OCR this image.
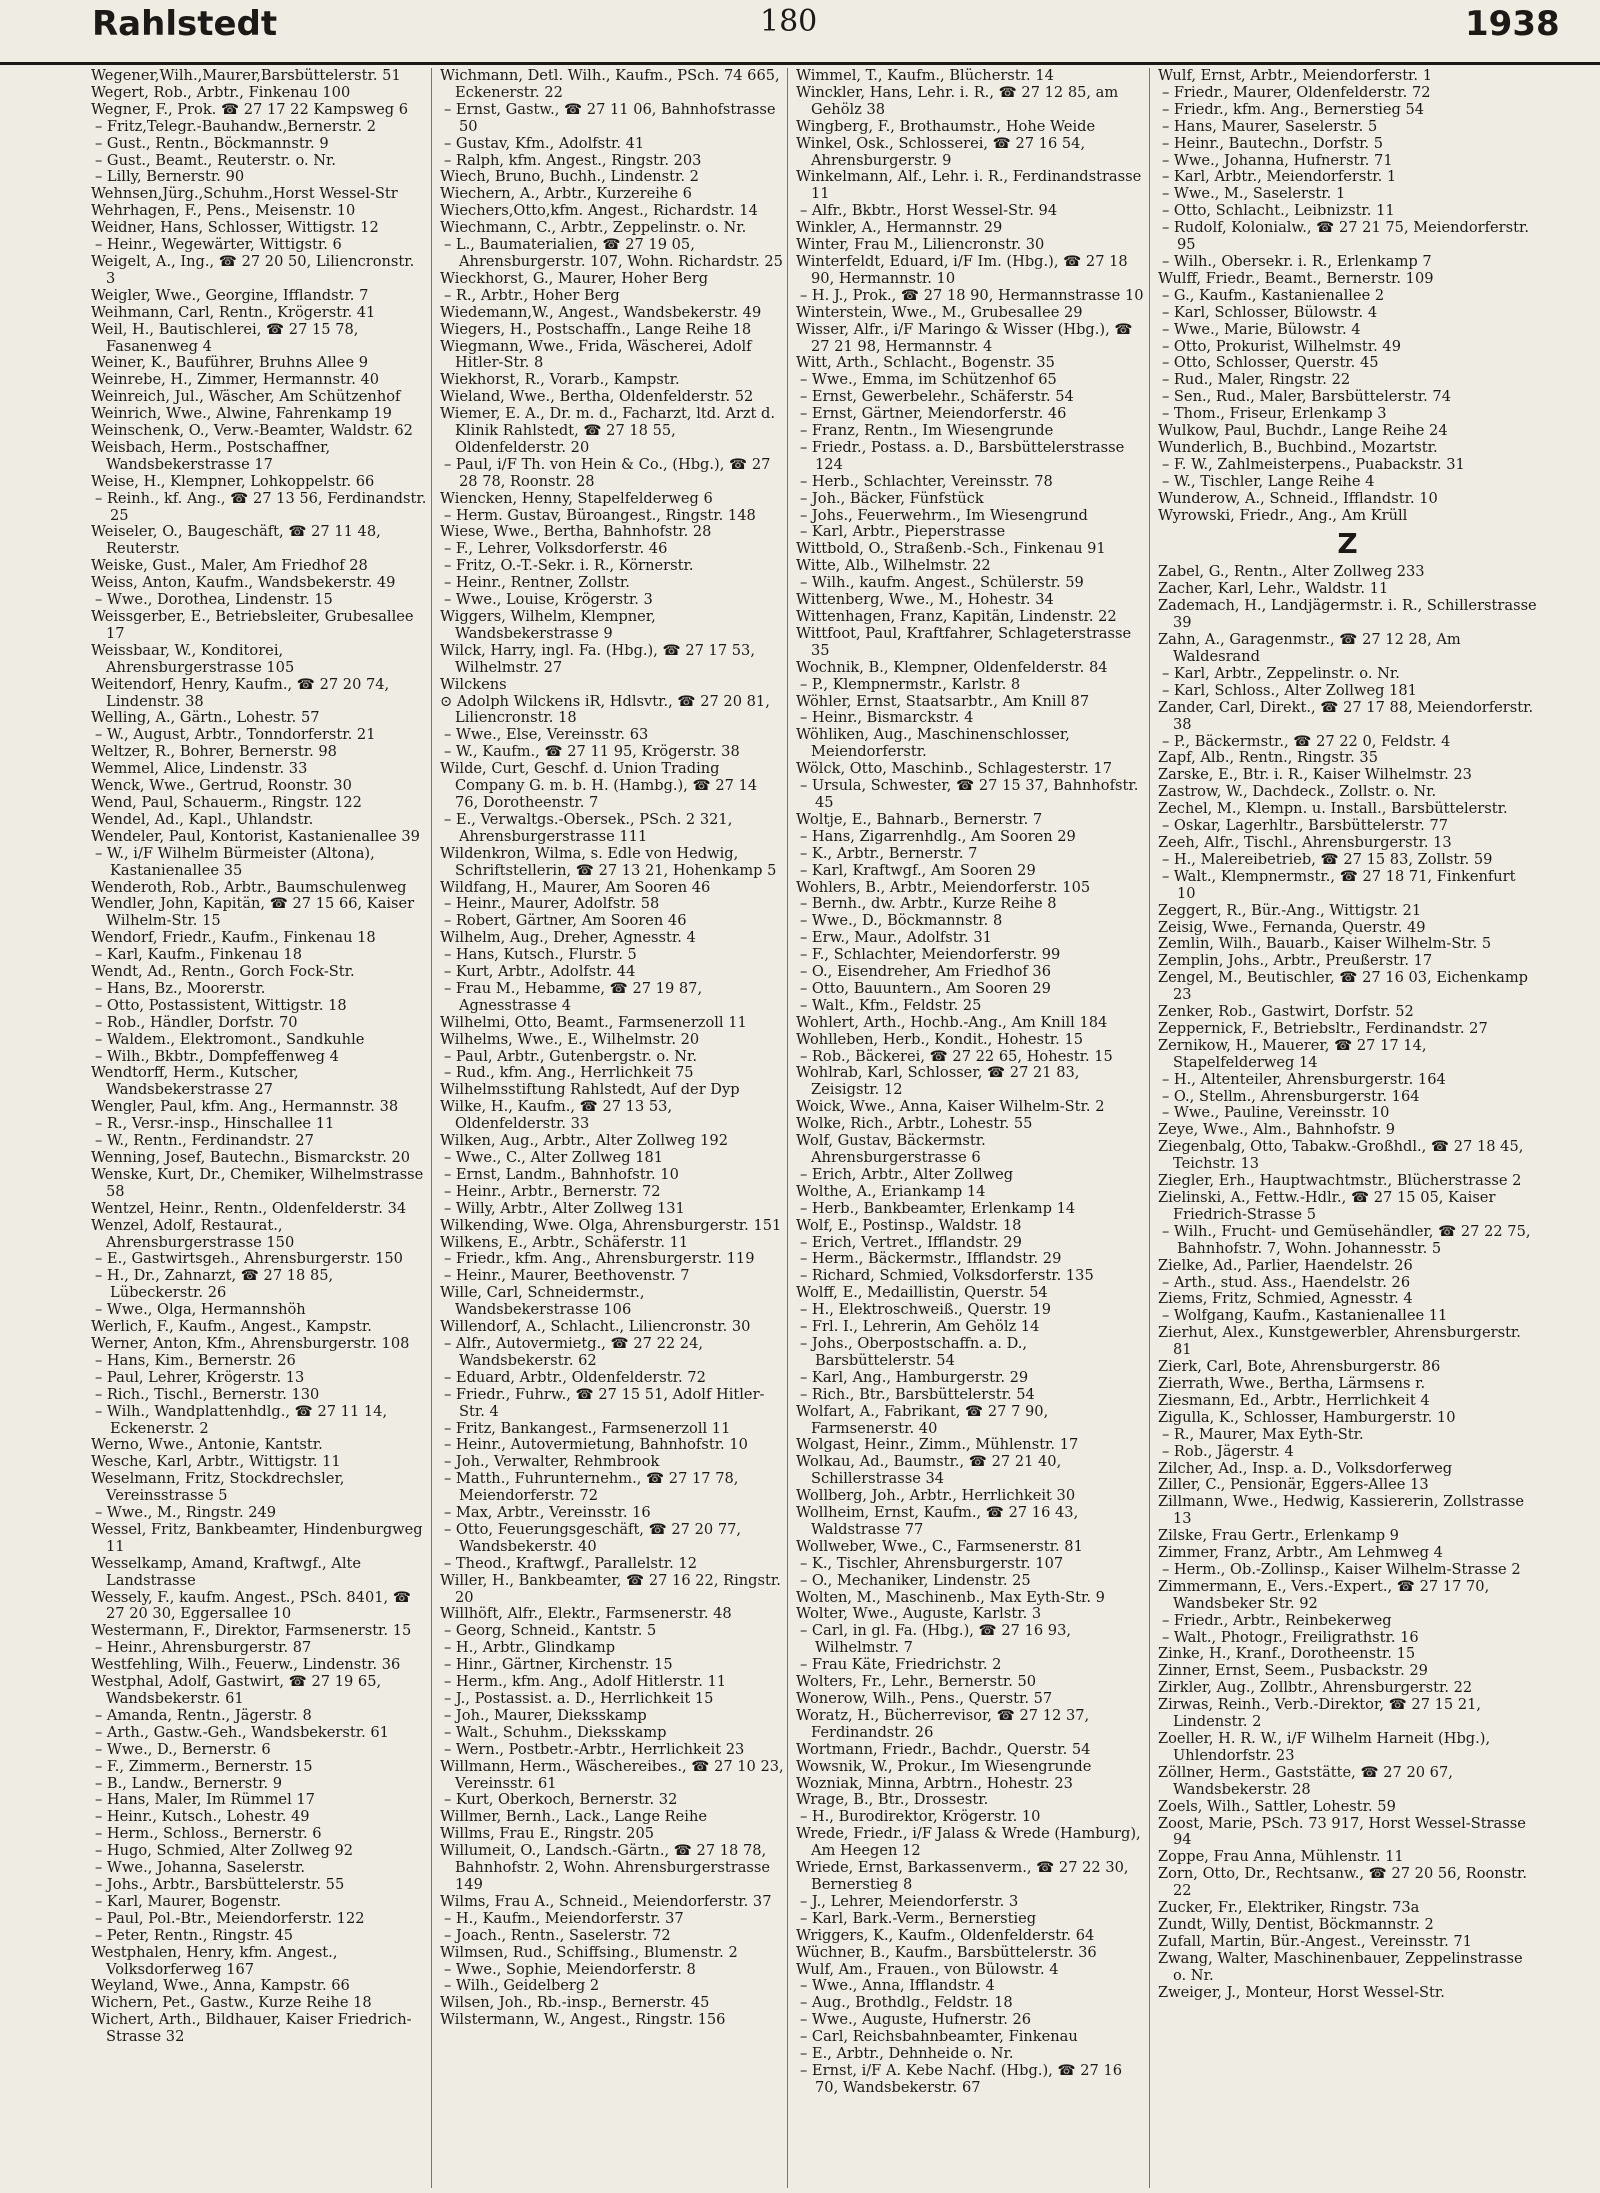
Rahlstedt	180	1938
Wegener,Wilh.,Maurer,Barsbüttelerstr. 51
Wegert, Rob., Arbtr., Finkenau 100
Wegner, F., Prok. ☎ 27 17 22 Kampsweg 6
– Fritz,Telegr.-Bauhandw.,Bernerstr. 2
– Gust., Rentn., Böckmannstr. 9
– Gust., Beamt., Reuterstr. o. Nr.
– Lilly, Bernerstr. 90
Wehnsen,Jürg.,Schuhm.,Horst Wessel-Str
Wehrhagen, F., Pens., Meisenstr. 10
Weidner, Hans, Schlosser, Wittigstr. 12
– Heinr., Wegewärter, Wittigstr. 6
Weigelt, A., Ing., ☎ 27 20 50, Liliencronstr. 3
Weigler, Wwe., Georgine, Ifflandstr. 7
Weihmann, Carl, Rentn., Krögerstr. 41
Weil, H., Bautischlerei, ☎ 27 15 78, Fasanenweg 4
Weiner, K., Bauführer, Bruhns Allee 9
Weinrebe, H., Zimmer, Hermannstr. 40
Weinreich, Jul., Wäscher, Am Schützenhof
Weinrich, Wwe., Alwine, Fahrenkamp 19
Weinschenk, O., Verw.-Beamter, Waldstr. 62
Weisbach, Herm., Postschaffner, Wandsbekerstrasse 17
Weise, H., Klempner, Lohkoppelstr. 66
– Reinh., kf. Ang., ☎ 27 13 56, Ferdinandstr. 25
Weiseler, O., Baugeschäft, ☎ 27 11 48, Reuterstr.
Weiske, Gust., Maler, Am Friedhof 28
Weiss, Anton, Kaufm., Wandsbekerstr. 49
– Wwe., Dorothea, Lindenstr. 15
Weissgerber, E., Betriebsleiter, Grubesallee 17
Weissbaar, W., Konditorei, Ahrensburgerstrasse 105
Weitendorf, Henry, Kaufm., ☎ 27 20 74, Lindenstr. 38
Welling, A., Gärtn., Lohestr. 57
– W., August, Arbtr., Tonndorferstr. 21
Weltzer, R., Bohrer, Bernerstr. 98
Wemmel, Alice, Lindenstr. 33
Wenck, Wwe., Gertrud, Roonstr. 30
Wend, Paul, Schauerm., Ringstr. 122
Wendel, Ad., Kapl., Uhlandstr.
Wendeler, Paul, Kontorist, Kastanienallee 39
– W., i/F Wilhelm Bürmeister (Altona), Kastanienallee 35
Wenderoth, Rob., Arbtr., Baumschulenweg
Wendler, John, Kapitän, ☎ 27 15 66, Kaiser Wilhelm-Str. 15
Wendorf, Friedr., Kaufm., Finkenau 18
– Karl, Kaufm., Finkenau 18
Wendt, Ad., Rentn., Gorch Fock-Str.
– Hans, Bz., Moorerstr.
– Otto, Postassistent, Wittigstr. 18
– Rob., Händler, Dorfstr. 70
– Waldem., Elektromont., Sandkuhle
– Wilh., Bkbtr., Dompfeffenweg 4
Wendtorff, Herm., Kutscher, Wandsbekerstrasse 27
Wengler, Paul, kfm. Ang., Hermannstr. 38
– R., Versr.-insp., Hinschallee 11
– W., Rentn., Ferdinandstr. 27
Wenning, Josef, Bautechn., Bismarckstr. 20
Wenske, Kurt, Dr., Chemiker, Wilhelmstrasse 58
Wentzel, Heinr., Rentn., Oldenfelderstr. 34
Wenzel, Adolf, Restaurat., Ahrensburgerstrasse 150
– E., Gastwirtsgeh., Ahrensburgerstr. 150
– H., Dr., Zahnarzt, ☎ 27 18 85, Lübeckerstr. 26
– Wwe., Olga, Hermannshöh
Werlich, F., Kaufm., Angest., Kampstr.
Werner, Anton, Kfm., Ahrensburgerstr. 108
– Hans, Kim., Bernerstr. 26
– Paul, Lehrer, Krögerstr. 13
– Rich., Tischl., Bernerstr. 130
– Wilh., Wandplattenhdlg., ☎ 27 11 14, Eckenerstr. 2
Werno, Wwe., Antonie, Kantstr.
Wesche, Karl, Arbtr., Wittigstr. 11
Weselmann, Fritz, Stockdrechsler, Vereinsstrasse 5
– Wwe., M., Ringstr. 249
Wessel, Fritz, Bankbeamter, Hindenburgweg 11
Wesselkamp, Amand, Kraftwgf., Alte Landstrasse
Wessely, F., kaufm. Angest., PSch. 8401, ☎ 27 20 30, Eggersallee 10
Westermann, F., Direktor, Farmsenerstr. 15
– Heinr., Ahrensburgerstr. 87
Westfehling, Wilh., Feuerw., Lindenstr. 36
Westphal, Adolf, Gastwirt, ☎ 27 19 65, Wandsbekerstr. 61
– Amanda, Rentn., Jägerstr. 8
– Arth., Gastw.-Geh., Wandsbekerstr. 61
– Wwe., D., Bernerstr. 6
– F., Zimmerm., Bernerstr. 15
– B., Landw., Bernerstr. 9
– Hans, Maler, Im Rümmel 17
– Heinr., Kutsch., Lohestr. 49
– Herm., Schloss., Bernerstr. 6
– Hugo, Schmied, Alter Zollweg 92
– Wwe., Johanna, Saselerstr.
– Johs., Arbtr., Barsbüttelerstr. 55
– Karl, Maurer, Bogenstr.
– Paul, Pol.-Btr., Meiendorferstr. 122
– Peter, Rentn., Ringstr. 45
Westphalen, Henry, kfm. Angest., Volksdorferweg 167
Weyland, Wwe., Anna, Kampstr. 66
Wichern, Pet., Gastw., Kurze Reihe 18
Wichert, Arth., Bildhauer, Kaiser Friedrich-Strasse 32
Wichmann, Detl. Wilh., Kaufm., PSch. 74 665, Eckenerstr. 22
– Ernst, Gastw., ☎ 27 11 06, Bahnhofstrasse 50
– Gustav, Kfm., Adolfstr. 41
– Ralph, kfm. Angest., Ringstr. 203
Wiech, Bruno, Buchh., Lindenstr. 2
Wiechern, A., Arbtr., Kurzereihe 6
Wiechers,Otto,kfm. Angest., Richardstr. 14
Wiechmann, C., Arbtr., Zeppelinstr. o. Nr.
– L., Baumaterialien, ☎ 27 19 05, Ahrensburgerstr. 107, Wohn. Richardstr. 25
Wieckhorst, G., Maurer, Hoher Berg
– R., Arbtr., Hoher Berg
Wiedemann,W., Angest., Wandsbekerstr. 49
Wiegers, H., Postschaffn., Lange Reihe 18
Wiegmann, Wwe., Frida, Wäscherei, Adolf Hitler-Str. 8
Wiekhorst, R., Vorarb., Kampstr.
Wieland, Wwe., Bertha, Oldenfelderstr. 52
Wiemer, E. A., Dr. m. d., Facharzt, ltd. Arzt d. Klinik Rahlstedt, ☎ 27 18 55, Oldenfelderstr. 20
– Paul, i/F Th. von Hein & Co., (Hbg.), ☎ 27 28 78, Roonstr. 28
Wiencken, Henny, Stapelfelderweg 6
– Herm. Gustav, Büroangest., Ringstr. 148
Wiese, Wwe., Bertha, Bahnhofstr. 28
– F., Lehrer, Volksdorferstr. 46
– Fritz, O.-T.-Sekr. i. R., Körnerstr.
– Heinr., Rentner, Zollstr.
– Wwe., Louise, Krögerstr. 3
Wiggers, Wilhelm, Klempner, Wandsbekerstrasse 9
Wilck, Harry, ingl. Fa. (Hbg.), ☎ 27 17 53, Wilhelmstr. 27
Wilckens
⊙ Adolph Wilckens iR, Hdlsvtr., ☎ 27 20 81, Liliencronstr. 18
– Wwe., Else, Vereinsstr. 63
– W., Kaufm., ☎ 27 11 95, Krögerstr. 38
Wilde, Curt, Geschf. d. Union Trading Company G. m. b. H. (Hambg.), ☎ 27 14 76, Dorotheenstr. 7
– E., Verwaltgs.-Obersek., PSch. 2 321, Ahrensburgerstrasse 111
Wildenkron, Wilma, s. Edle von Hedwig, Schriftstellerin, ☎ 27 13 21, Hohenkamp 5
Wildfang, H., Maurer, Am Sooren 46
– Heinr., Maurer, Adolfstr. 58
– Robert, Gärtner, Am Sooren 46
Wilhelm, Aug., Dreher, Agnesstr. 4
– Hans, Kutsch., Flurstr. 5
– Kurt, Arbtr., Adolfstr. 44
– Frau M., Hebamme, ☎ 27 19 87, Agnesstrasse 4
Wilhelmi, Otto, Beamt., Farmsenerzoll 11
Wilhelms, Wwe., E., Wilhelmstr. 20
– Paul, Arbtr., Gutenbergstr. o. Nr.
– Rud., kfm. Ang., Herrlichkeit 75
Wilhelmsstiftung Rahlstedt, Auf der Dyp
Wilke, H., Kaufm., ☎ 27 13 53, Oldenfelderstr. 33
Wilken, Aug., Arbtr., Alter Zollweg 192
– Wwe., C., Alter Zollweg 181
– Ernst, Landm., Bahnhofstr. 10
– Heinr., Arbtr., Bernerstr. 72
– Willy, Arbtr., Alter Zollweg 131
Wilkending, Wwe. Olga, Ahrensburgerstr. 151
Wilkens, E., Arbtr., Schäferstr. 11
– Friedr., kfm. Ang., Ahrensburgerstr. 119
– Heinr., Maurer, Beethovenstr. 7
Wille, Carl, Schneidermstr., Wandsbekerstrasse 106
Willendorf, A., Schlacht., Liliencronstr. 30
– Alfr., Autovermietg., ☎ 27 22 24, Wandsbekerstr. 62
– Eduard, Arbtr., Oldenfelderstr. 72
– Friedr., Fuhrw., ☎ 27 15 51, Adolf Hitler-Str. 4
– Fritz, Bankangest., Farmsenerzoll 11
– Heinr., Autovermietung, Bahnhofstr. 10
– Joh., Verwalter, Rehmbrook
– Matth., Fuhrunternehm., ☎ 27 17 78, Meiendorferstr. 72
– Max, Arbtr., Vereinsstr. 16
– Otto, Feuerungsgeschäft, ☎ 27 20 77, Wandsbekerstr. 40
– Theod., Kraftwgf., Parallelstr. 12
Willer, H., Bankbeamter, ☎ 27 16 22, Ringstr. 20
Willhöft, Alfr., Elektr., Farmsenerstr. 48
– Georg, Schneid., Kantstr. 5
– H., Arbtr., Glindkamp
– Hinr., Gärtner, Kirchenstr. 15
– Herm., kfm. Ang., Adolf Hitlerstr. 11
– J., Postassist. a. D., Herrlichkeit 15
– Joh., Maurer, Dieksskamp
– Walt., Schuhm., Dieksskamp
– Wern., Postbetr.-Arbtr., Herrlichkeit 23
Willmann, Herm., Wäschereibes., ☎ 27 10 23, Vereinsstr. 61
– Kurt, Oberkoch, Bernerstr. 32
Willmer, Bernh., Lack., Lange Reihe
Willms, Frau E., Ringstr. 205
Willumeit, O., Landsch.-Gärtn., ☎ 27 18 78, Bahnhofstr. 2, Wohn. Ahrensburgerstrasse 149
Wilms, Frau A., Schneid., Meiendorferstr. 37
– H., Kaufm., Meiendorferstr. 37
– Joach., Rentn., Saselerstr. 72
Wilmsen, Rud., Schiffsing., Blumenstr. 2
– Wwe., Sophie, Meiendorferstr. 8
– Wilh., Geidelberg 2
Wilsen, Joh., Rb.-insp., Bernerstr. 45
Wilstermann, W., Angest., Ringstr. 156
Wimmel, T., Kaufm., Blücherstr. 14
Winckler, Hans, Lehr. i. R., ☎ 27 12 85, am Gehölz 38
Wingberg, F., Brothaumstr., Hohe Weide
Winkel, Osk., Schlosserei, ☎ 27 16 54, Ahrensburgerstr. 9
Winkelmann, Alf., Lehr. i. R., Ferdinandstrasse 11
– Alfr., Bkbtr., Horst Wessel-Str. 94
Winkler, A., Hermannstr. 29
Winter, Frau M., Liliencronstr. 30
Winterfeldt, Eduard, i/F Im. (Hbg.), ☎ 27 18 90, Hermannstr. 10
– H. J., Prok., ☎ 27 18 90, Hermannstrasse 10
Winterstein, Wwe., M., Grubesallee 29
Wisser, Alfr., i/F Maringo & Wisser (Hbg.), ☎ 27 21 98, Hermannstr. 4
Witt, Arth., Schlacht., Bogenstr. 35
– Wwe., Emma, im Schützenhof 65
– Ernst, Gewerbelehr., Schäferstr. 54
– Ernst, Gärtner, Meiendorferstr. 46
– Franz, Rentn., Im Wiesengrunde
– Friedr., Postass. a. D., Barsbüttelerstrasse 124
– Herb., Schlachter, Vereinsstr. 78
– Joh., Bäcker, Fünfstück
– Johs., Feuerwehrm., Im Wiesengrund
– Karl, Arbtr., Pieperstrasse
Wittbold, O., Straßenb.-Sch., Finkenau 91
Witte, Alb., Wilhelmstr. 22
– Wilh., kaufm. Angest., Schülerstr. 59
Wittenberg, Wwe., M., Hohestr. 34
Wittenhagen, Franz, Kapitän, Lindenstr. 22
Wittfoot, Paul, Kraftfahrer, Schlageterstrasse 35
Wochnik, B., Klempner, Oldenfelderstr. 84
– P., Klempnermstr., Karlstr. 8
Wöhler, Ernst, Staatsarbtr., Am Knill 87
– Heinr., Bismarckstr. 4
Wöhliken, Aug., Maschinenschlosser, Meiendorferstr.
Wölck, Otto, Maschinb., Schlagesterstr. 17
– Ursula, Schwester, ☎ 27 15 37, Bahnhofstr. 45
Woltje, E., Bahnarb., Bernerstr. 7
– Hans, Zigarrenhdlg., Am Sooren 29
– K., Arbtr., Bernerstr. 7
– Karl, Kraftwgf., Am Sooren 29
Wohlers, B., Arbtr., Meiendorferstr. 105
– Bernh., dw. Arbtr., Kurze Reihe 8
– Wwe., D., Böckmannstr. 8
– Erw., Maur., Adolfstr. 31
– F., Schlachter, Meiendorferstr. 99
– O., Eisendreher, Am Friedhof 36
– Otto, Bauuntern., Am Sooren 29
– Walt., Kfm., Feldstr. 25
Wohlert, Arth., Hochb.-Ang., Am Knill 184
Wohlleben, Herb., Kondit., Hohestr. 15
– Rob., Bäckerei, ☎ 27 22 65, Hohestr. 15
Wohlrab, Karl, Schlosser, ☎ 27 21 83, Zeisigstr. 12
Woick, Wwe., Anna, Kaiser Wilhelm-Str. 2
Wolke, Rich., Arbtr., Lohestr. 55
Wolf, Gustav, Bäckermstr. Ahrensburgerstrasse 6
– Erich, Arbtr., Alter Zollweg
Wolthe, A., Eriankamp 14
– Herb., Bankbeamter, Erlenkamp 14
Wolf, E., Postinsp., Waldstr. 18
– Erich, Vertret., Ifflandstr. 29
– Herm., Bäckermstr., Ifflandstr. 29
– Richard, Schmied, Volksdorferstr. 135
Wolff, E., Medaillistin, Querstr. 54
– H., Elektroschweiß., Querstr. 19
– Frl. I., Lehrerin, Am Gehölz 14
– Johs., Oberpostschaffn. a. D., Barsbüttelerstr. 54
– Karl, Ang., Hamburgerstr. 29
– Rich., Btr., Barsbüttelerstr. 54
Wolfart, A., Fabrikant, ☎ 27 7 90, Farmsenerstr. 40
Wolgast, Heinr., Zimm., Mühlenstr. 17
Wolkau, Ad., Baumstr., ☎ 27 21 40, Schillerstrasse 34
Wollberg, Joh., Arbtr., Herrlichkeit 30
Wollheim, Ernst, Kaufm., ☎ 27 16 43, Waldstrasse 77
Wollweber, Wwe., C., Farmsenerstr. 81
– K., Tischler, Ahrensburgerstr. 107
– O., Mechaniker, Lindenstr. 25
Wolten, M., Maschinenb., Max Eyth-Str. 9
Wolter, Wwe., Auguste, Karlstr. 3
– Carl, in gl. Fa. (Hbg.), ☎ 27 16 93, Wilhelmstr. 7
– Frau Käte, Friedrichstr. 2
Wolters, Fr., Lehr., Bernerstr. 50
Wonerow, Wilh., Pens., Querstr. 57
Woratz, H., Bücherrevisor, ☎ 27 12 37, Ferdinandstr. 26
Wortmann, Friedr., Bachdr., Querstr. 54
Wowsnik, W., Prokur., Im Wiesengrunde
Wozniak, Minna, Arbtrn., Hohestr. 23
Wrage, B., Btr., Drossestr.
– H., Burodirektor, Krögerstr. 10
Wrede, Friedr., i/F Jalass & Wrede (Hamburg), Am Heegen 12
Wriede, Ernst, Barkassenverm., ☎ 27 22 30, Bernerstieg 8
– J., Lehrer, Meiendorferstr. 3
– Karl, Bark.-Verm., Bernerstieg
Wriggers, K., Kaufm., Oldenfelderstr. 64
Wüchner, B., Kaufm., Barsbüttelerstr. 36
Wulf, Am., Frauen., von Bülowstr. 4
– Wwe., Anna, Ifflandstr. 4
– Aug., Brothdlg., Feldstr. 18
– Wwe., Auguste, Hufnerstr. 26
– Carl, Reichsbahnbeamter, Finkenau
– E., Arbtr., Dehnheide o. Nr.
– Ernst, i/F A. Kebe Nachf. (Hbg.), ☎ 27 16 70, Wandsbekerstr. 67
Wulf, Ernst, Arbtr., Meiendorferstr. 1
– Friedr., Maurer, Oldenfelderstr. 72
– Friedr., kfm. Ang., Bernerstieg 54
– Hans, Maurer, Saselerstr. 5
– Heinr., Bautechn., Dorfstr. 5
– Wwe., Johanna, Hufnerstr. 71
– Karl, Arbtr., Meiendorferstr. 1
– Wwe., M., Saselerstr. 1
– Otto, Schlacht., Leibnizstr. 11
– Rudolf, Kolonialw., ☎ 27 21 75, Meiendorferstr. 95
– Wilh., Obersekr. i. R., Erlenkamp 7
Wulff, Friedr., Beamt., Bernerstr. 109
– G., Kaufm., Kastanienallee 2
– Karl, Schlosser, Bülowstr. 4
– Wwe., Marie, Bülowstr. 4
– Otto, Prokurist, Wilhelmstr. 49
– Otto, Schlosser, Querstr. 45
– Rud., Maler, Ringstr. 22
– Sen., Rud., Maler, Barsbüttelerstr. 74
– Thom., Friseur, Erlenkamp 3
Wulkow, Paul, Buchdr., Lange Reihe 24
Wunderlich, B., Buchbind., Mozartstr.
– F. W., Zahlmeisterpens., Puabackstr. 31
– W., Tischler, Lange Reihe 4
Wunderow, A., Schneid., Ifflandstr. 10
Wyrowski, Friedr., Ang., Am Krüll
Z
Zabel, G., Rentn., Alter Zollweg 233
Zacher, Karl, Lehr., Waldstr. 11
Zademach, H., Landjägermstr. i. R., Schillerstrasse 39
Zahn, A., Garagenmstr., ☎ 27 12 28, Am Waldesrand
– Karl, Arbtr., Zeppelinstr. o. Nr.
– Karl, Schloss., Alter Zollweg 181
Zander, Carl, Direkt., ☎ 27 17 88, Meiendorferstr. 38
– P., Bäckermstr., ☎ 27 22 0, Feldstr. 4
Zapf, Alb., Rentn., Ringstr. 35
Zarske, E., Btr. i. R., Kaiser Wilhelmstr. 23
Zastrow, W., Dachdeck., Zollstr. o. Nr.
Zechel, M., Klempn. u. Install., Barsbüttelerstr.
– Oskar, Lagerhltr., Barsbüttelerstr. 77
Zeeh, Alfr., Tischl., Ahrensburgerstr. 13
– H., Malereibetrieb, ☎ 27 15 83, Zollstr. 59
– Walt., Klempnermstr., ☎ 27 18 71, Finkenfurt 10
Zeggert, R., Bür.-Ang., Wittigstr. 21
Zeisig, Wwe., Fernanda, Querstr. 49
Zemlin, Wilh., Bauarb., Kaiser Wilhelm-Str. 5
Zemplin, Johs., Arbtr., Preußerstr. 17
Zengel, M., Beutischler, ☎ 27 16 03, Eichenkamp 23
Zenker, Rob., Gastwirt, Dorfstr. 52
Zeppernick, F., Betriebsltr., Ferdinandstr. 27
Zernikow, H., Mauerer, ☎ 27 17 14, Stapelfelderweg 14
– H., Altenteiler, Ahrensburgerstr. 164
– O., Stellm., Ahrensburgerstr. 164
– Wwe., Pauline, Vereinsstr. 10
Zeye, Wwe., Alm., Bahnhofstr. 9
Ziegenbalg, Otto, Tabakw.-Großhdl., ☎ 27 18 45, Teichstr. 13
Ziegler, Erh., Hauptwachtmstr., Blücherstrasse 2
Zielinski, A., Fettw.-Hdlr., ☎ 27 15 05, Kaiser Friedrich-Strasse 5
– Wilh., Frucht- und Gemüsehändler, ☎ 27 22 75, Bahnhofstr. 7, Wohn. Johannesstr. 5
Zielke, Ad., Parlier, Haendelstr. 26
– Arth., stud. Ass., Haendelstr. 26
Ziems, Fritz, Schmied, Agnesstr. 4
– Wolfgang, Kaufm., Kastanienallee 11
Zierhut, Alex., Kunstgewerbler, Ahrensburgerstr. 81
Zierk, Carl, Bote, Ahrensburgerstr. 86
Zierrath, Wwe., Bertha, Lärmsens r.
Ziesmann, Ed., Arbtr., Herrlichkeit 4
Zigulla, K., Schlosser, Hamburgerstr. 10
– R., Maurer, Max Eyth-Str.
– Rob., Jägerstr. 4
Zilcher, Ad., Insp. a. D., Volksdorferweg
Ziller, C., Pensionär, Eggers-Allee 13
Zillmann, Wwe., Hedwig, Kassiererin, Zollstrasse 13
Zilske, Frau Gertr., Erlenkamp 9
Zimmer, Franz, Arbtr., Am Lehmweg 4
– Herm., Ob.-Zollinsp., Kaiser Wilhelm-Strasse 2
Zimmermann, E., Vers.-Expert., ☎ 27 17 70, Wandsbeker Str. 92
– Friedr., Arbtr., Reinbekerweg
– Walt., Photogr., Freiligrathstr. 16
Zinke, H., Kranf., Dorotheenstr. 15
Zinner, Ernst, Seem., Pusbackstr. 29
Zirkler, Aug., Zollbtr., Ahrensburgerstr. 22
Zirwas, Reinh., Verb.-Direktor, ☎ 27 15 21, Lindenstr. 2
Zoeller, H. R. W., i/F Wilhelm Harneit (Hbg.), Uhlendorfstr. 23
Zöllner, Herm., Gaststätte, ☎ 27 20 67, Wandsbekerstr. 28
Zoels, Wilh., Sattler, Lohestr. 59
Zoost, Marie, PSch. 73 917, Horst Wessel-Strasse 94
Zoppe, Frau Anna, Mühlenstr. 11
Zorn, Otto, Dr., Rechtsanw., ☎ 27 20 56, Roonstr. 22
Zucker, Fr., Elektriker, Ringstr. 73a
Zundt, Willy, Dentist, Böckmannstr. 2
Zufall, Martin, Bür.-Angest., Vereinsstr. 71
Zwang, Walter, Maschinenbauer, Zeppelinstrasse o. Nr.
Zweiger, J., Monteur, Horst Wessel-Str.
